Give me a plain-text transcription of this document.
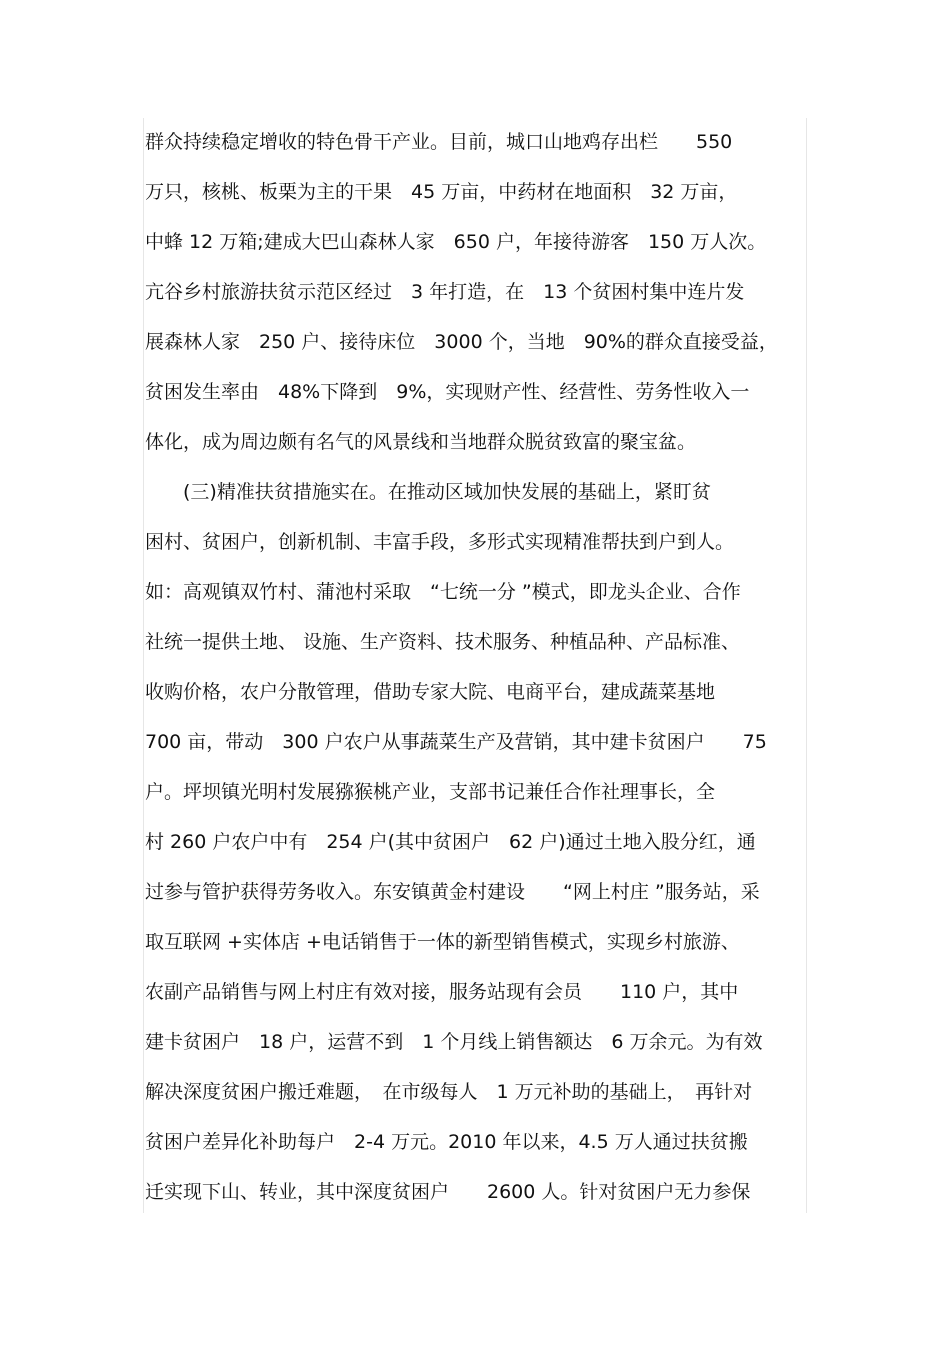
群众持续稳定增收的特色骨干产业。目前，城口山地鸡存出栏　　550
万只，核桃、板栗为主的干果　45 万亩，中药材在地面积　32 万亩，
中蜂 12 万箱;建成大巴山森林人家　650 户，年接待游客　150 万人次。
亢谷乡村旅游扶贫示范区经过　3 年打造，在　13 个贫困村集中连片发
展森林人家　250 户、接待床位　3000 个，当地　90%的群众直接受益，
贫困发生率由　48%下降到　9%，实现财产性、经营性、劳务性收入一
体化，成为周边颇有名气的风景线和当地群众脱贫致富的聚宝盆。
　　(三)精准扶贫措施实在。在推动区域加快发展的基础上，紧盯贫
困村、贫困户，创新机制、丰富手段，多形式实现精准帮扶到户到人。
如：高观镇双竹村、蒲池村采取　“七统一分 ”模式，即龙头企业、合作
社统一提供土地、 设施、生产资料、技术服务、种植品种、产品标准、
收购价格，农户分散管理，借助专家大院、电商平台，建成蔬菜基地
700 亩，带动　300 户农户从事蔬菜生产及营销，其中建卡贫困户　　75
户。坪坝镇光明村发展猕猴桃产业，支部书记兼任合作社理事长，全
村 260 户农户中有　254 户(其中贫困户　62 户)通过土地入股分红，通
过参与管护获得劳务收入。东安镇黄金村建设　　“网上村庄 ”服务站，采
取互联网 +实体店 +电话销售于一体的新型销售模式，实现乡村旅游、
农副产品销售与网上村庄有效对接，服务站现有会员　　110 户，其中
建卡贫困户　18 户，运营不到　1 个月线上销售额达　6 万余元。为有效
解决深度贫困户搬迁难题，　在市级每人　1 万元补助的基础上，　再针对
贫困户差异化补助每户　2-4 万元。2010 年以来，4.5 万人通过扶贫搬
迁实现下山、转业，其中深度贫困户　　2600 人。针对贫困户无力参保
